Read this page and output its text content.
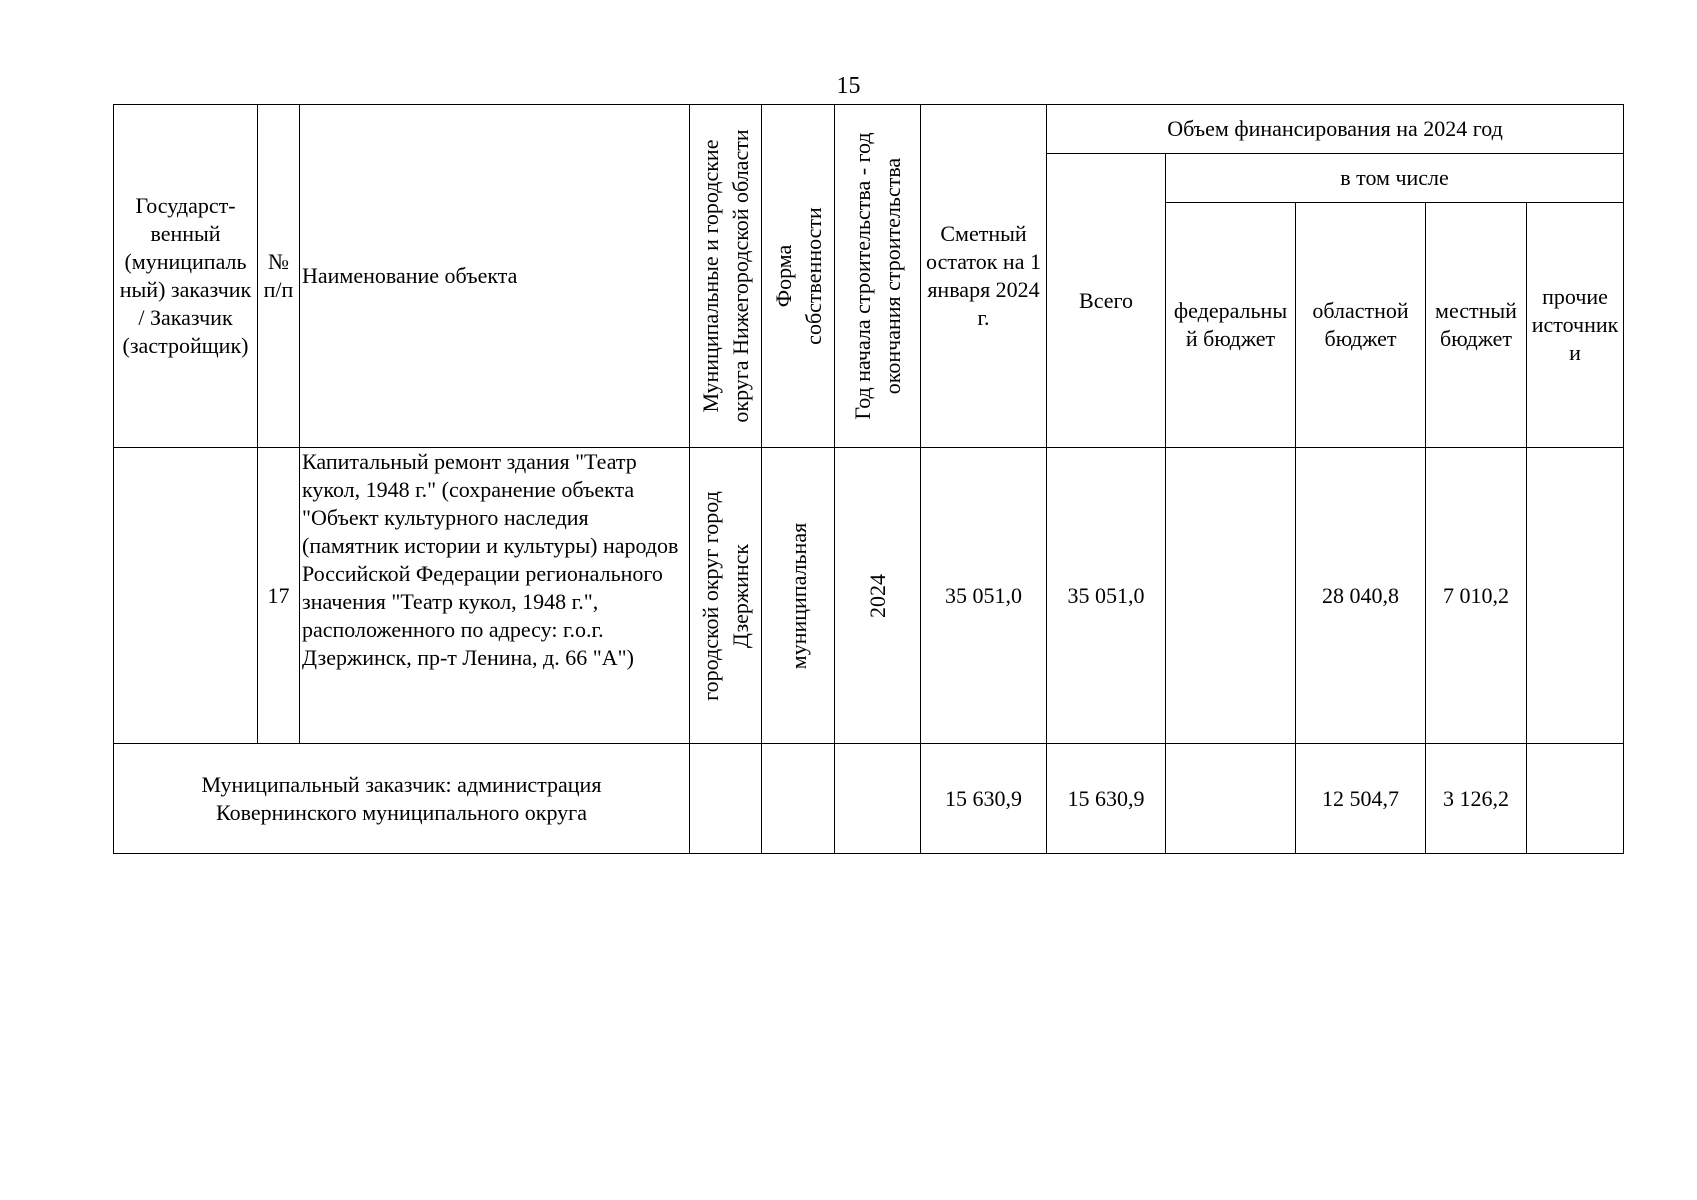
15
Государст-венный (муниципаль ный) заказчик / Заказчик (застройщик)	№ п/п	Наименование объекта	Муниципальные и городские округа Нижегородской области	Форма собственности	Год начала строительства - год окончания строительства	Сметный остаток на 1 января 2024 г.	Объем финансирования на 2024 год				
							Всего	в том числе			
								федеральны й бюджет	областной бюджет	местный бюджет	прочие источник и
	17	Капитальный ремонт здания "Театр кукол, 1948 г." (сохранение объекта "Объект культурного наследия (памятник истории и культуры) народов Российской Федерации регионального значения "Театр кукол, 1948 г.", расположенного по адресу: г.о.г. Дзержинск, пр-т Ленина, д. 66 "А")	городской округ город Дзержинск	муниципальная	2024	35 051,0	35 051,0		28 040,8	7 010,2	
Муниципальный заказчик: администрация Ковернинского муниципального округа						15 630,9	15 630,9		12 504,7	3 126,2	
